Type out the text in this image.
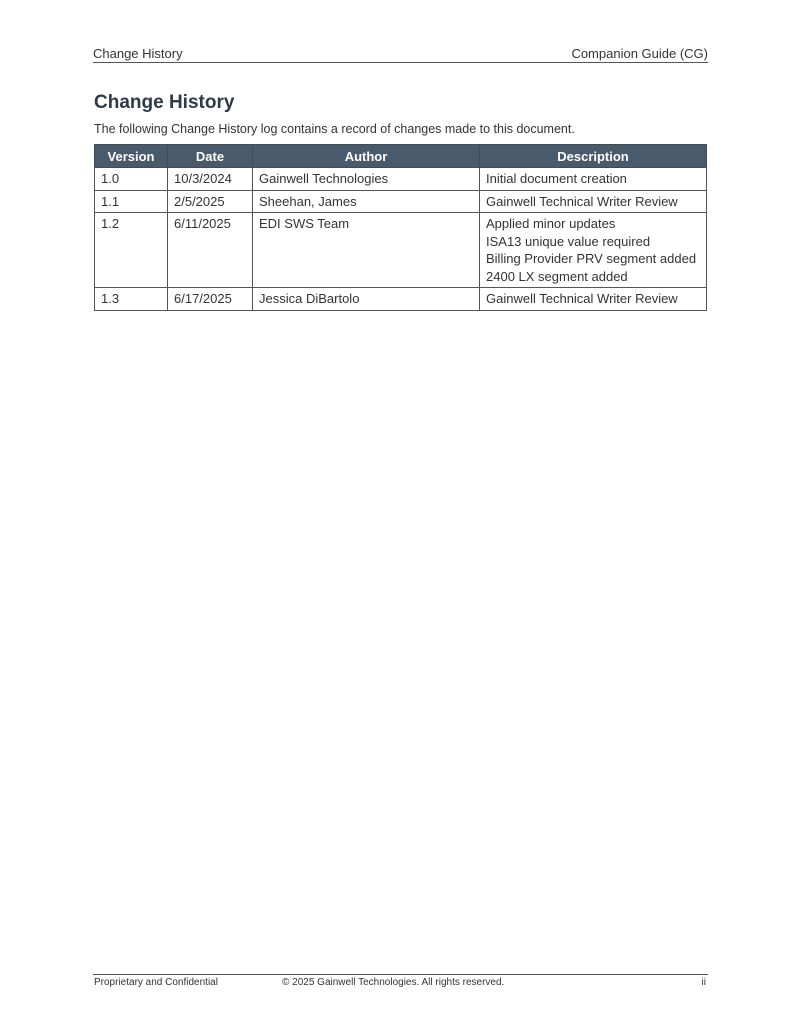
Change History	Companion Guide (CG)
Change History

The following Change History log contains a record of changes made to this document.

Version	Date	Author	Description
1.0	10/3/2024	Gainwell Technologies	Initial document creation

1.1	2/5/2025	Sheehan, James	Gainwell Technical Writer Review

1.2	6/11/2025	EDI SWS Team	Applied minor updates
ISA13 unique value required
Billing Provider PRV segment added
2400 LX segment added

1.3	6/17/2025	Jessica DiBartolo	Gainwell Technical Writer Review
Proprietary and Confidential	© 2025 Gainwell Technologies. All rights reserved.	ii
